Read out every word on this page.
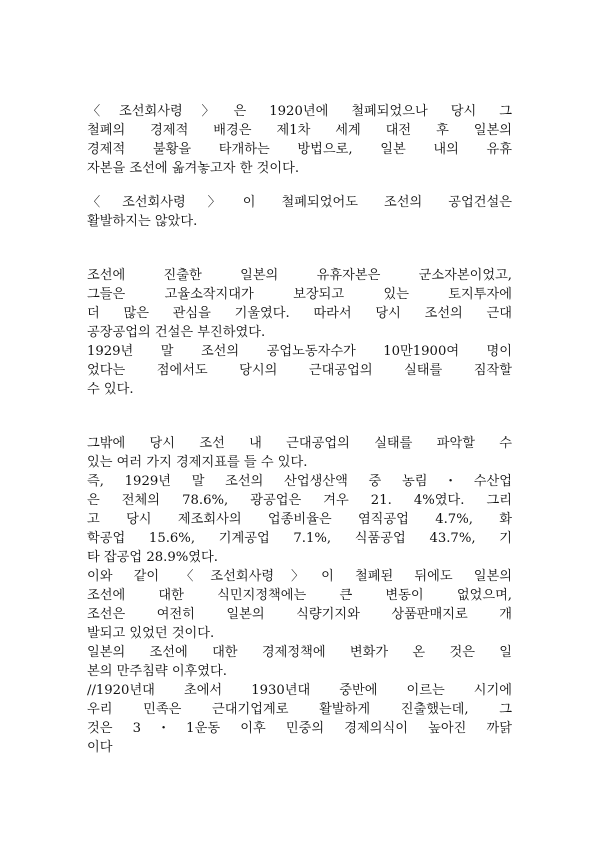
〈조선회사령〉은 1920년에 철폐되었으나 당시 그

철폐의 경제적 배경은 제1차 세계 대전 후 일본의

경제적 불황을 타개하는 방법으로, 일본 내의 유휴

자본을 조선에 옮겨놓고자 한 것이다.

〈조선회사령〉이 철폐되었어도 조선의 공업건설은

활발하지는 않았다.

조선에 진출한 일본의 유휴자본은 군소자본이었고,

그들은 고율소작지대가 보장되고 있는 토지투자에

더 많은 관심을 기울였다. 따라서 당시 조선의 근대

공장공업의 건설은 부진하였다.

1929년 말 조선의 공업노동자수가 10만1900여 명이

었다는 점에서도 당시의 근대공업의 실태를 짐작할

수 있다.

그밖에 당시 조선 내 근대공업의 실태를 파악할 수

있는 여러 가지 경제지표를 들 수 있다.

즉, 1929년 말 조선의 산업생산액 중 농림・수산업

은 전체의 78.6%, 광공업은 겨우 21. 4%였다. 그리

고 당시 제조회사의 업종비율은 염직공업 4.7%, 화

학공업 15.6%, 기계공업 7.1%, 식품공업 43.7%, 기

타 잡공업 28.9%였다.

이와 같이 〈조선회사령〉이 철폐된 뒤에도 일본의

조선에 대한 식민지정책에는 큰 변동이 없었으며,

조선은 여전히 일본의 식량기지와 상품판매지로 개

발되고 있었던 것이다.

일본의 조선에 대한 경제정책에 변화가 온 것은 일

본의 만주침략 이후였다.

//1920년대 초에서 1930년대 중반에 이르는 시기에

우리 민족은 근대기업계로 활발하게 진출했는데, 그

것은 3・1운동 이후 민중의 경제의식이 높아진 까닭

이다
